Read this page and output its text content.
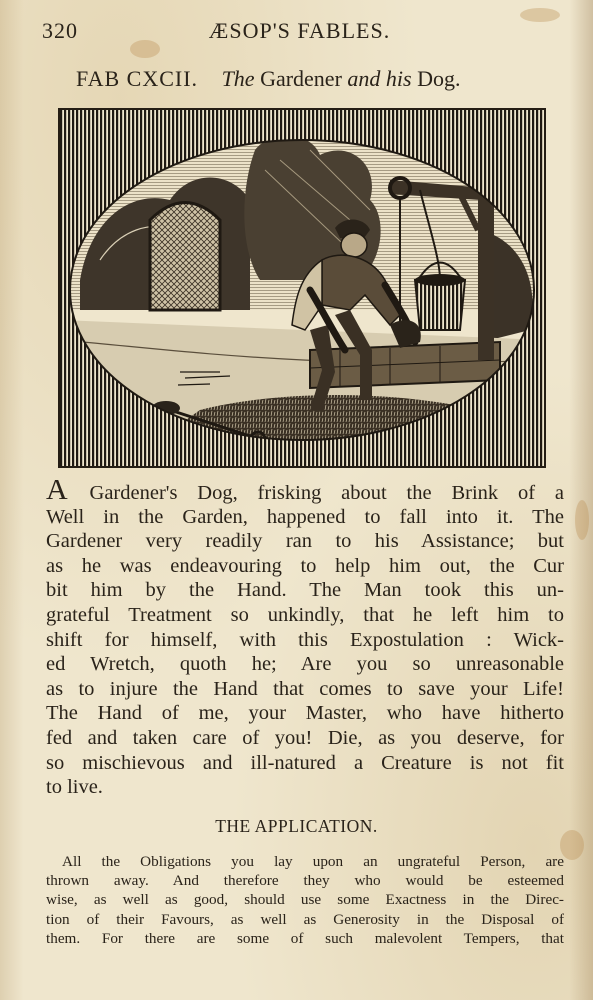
320	ÆSOP'S FABLES.
FAB CXCII. The Gardener and his Dog.
A Gardener's Dog, frisking about the Brink of a
Well in the Garden, happened to fall into it. The
Gardener very readily ran to his Assistance; but
as he was endeavouring to help him out, the Cur
bit him by the Hand. The Man took this un-
grateful Treatment so unkindly, that he left him to
shift for himself, with this Expostulation : Wick-
ed Wretch, quoth he; Are you so unreasonable
as to injure the Hand that comes to save your Life!
The Hand of me, your Master, who have hitherto
fed and taken care of you! Die, as you deserve, for
so mischievous and ill-natured a Creature is not fit
to live.
THE APPLICATION.
All the Obligations you lay upon an ungrateful Person, are
thrown away. And therefore they who would be esteemed
wise, as well as good, should use some Exactness in the Direc-
tion of their Favours, as well as Generosity in the Disposal of
them. For there are some of such malevolent Tempers, that
